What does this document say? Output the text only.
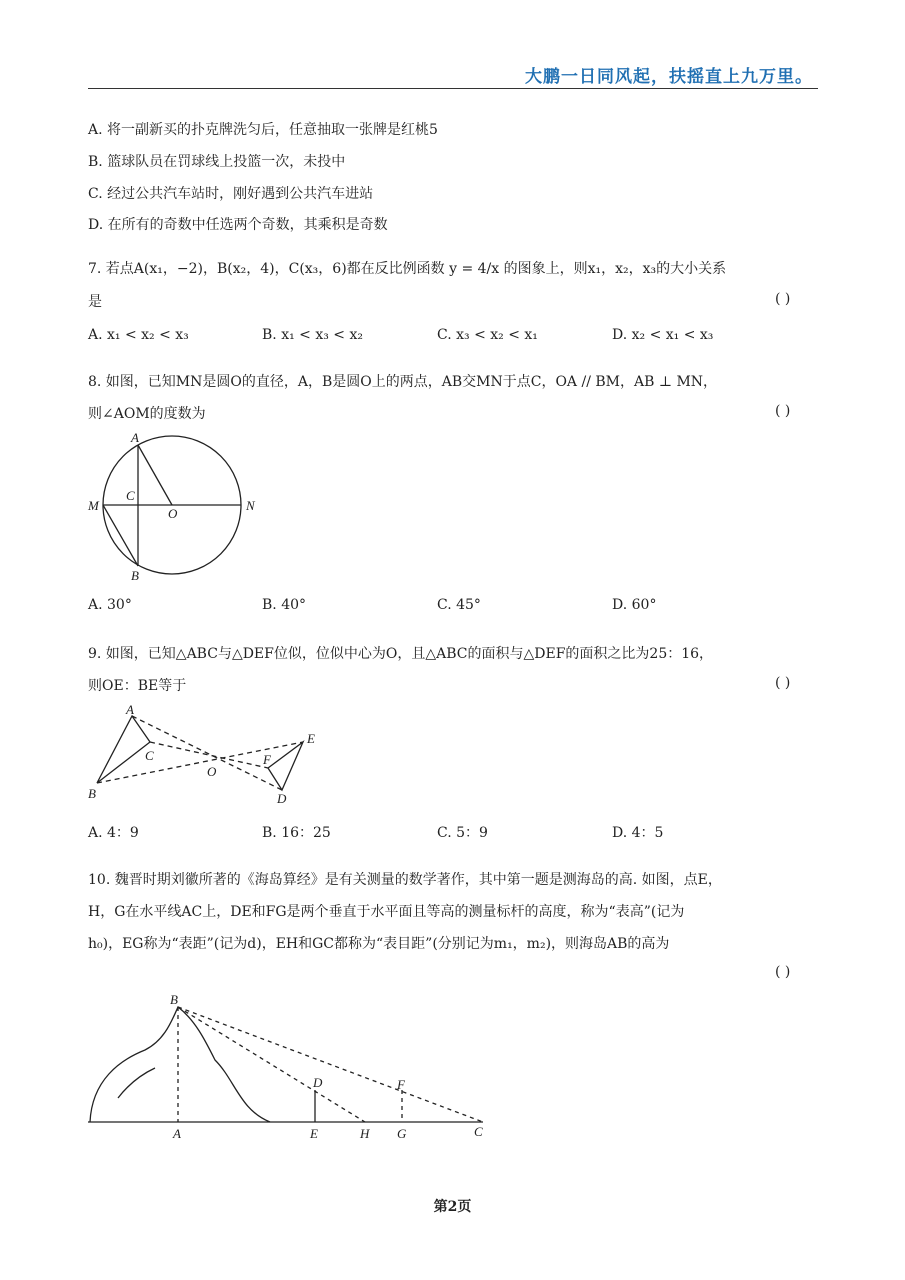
大鹏一日同风起，扶摇直上九万里。
A. 将一副新买的扑克牌洗匀后，任意抽取一张牌是红桃5
B. 篮球队员在罚球线上投篮一次，未投中
C. 经过公共汽车站时，刚好遇到公共汽车进站
D. 在所有的奇数中任选两个奇数，其乘积是奇数
7. 若点A(x₁，−2)，B(x₂，4)，C(x₃，6)都在反比例函数 y = 4/x 的图象上，则x₁，x₂，x₃的大小关系
是	( )
A. x₁ < x₂ < x₃	B. x₁ < x₃ < x₂	C. x₃ < x₂ < x₁	D. x₂ < x₁ < x₃
8. 如图，已知MN是圆O的直径，A，B是圆O上的两点，AB交MN于点C，OA // BM，AB ⊥ MN，
则∠AOM的度数为	( )
A
B
C
M	N
O
A. 30°	B. 40°	C. 45°	D. 60°
9. 如图，已知△ABC与△DEF位似，位似中心为O，且△ABC的面积与△DEF的面积之比为25：16，
则OE：BE等于	( )
A
B
C
D
E
F
O
A. 4：9	B. 16：25	C. 5：9	D. 4：5
10. 魏晋时期刘徽所著的《海岛算经》是有关测量的数学著作，其中第一题是测海岛的高. 如图，点E，
H，G在水平线AC上，DE和FG是两个垂直于水平面且等高的测量标杆的高度，称为“表高”(记为
h₀)，EG称为“表距”(记为d)，EH和GC都称为“表目距”(分别记为m₁，m₂)，则海岛AB的高为
( )
B
A
D
E	H
F
G	C
第2页
